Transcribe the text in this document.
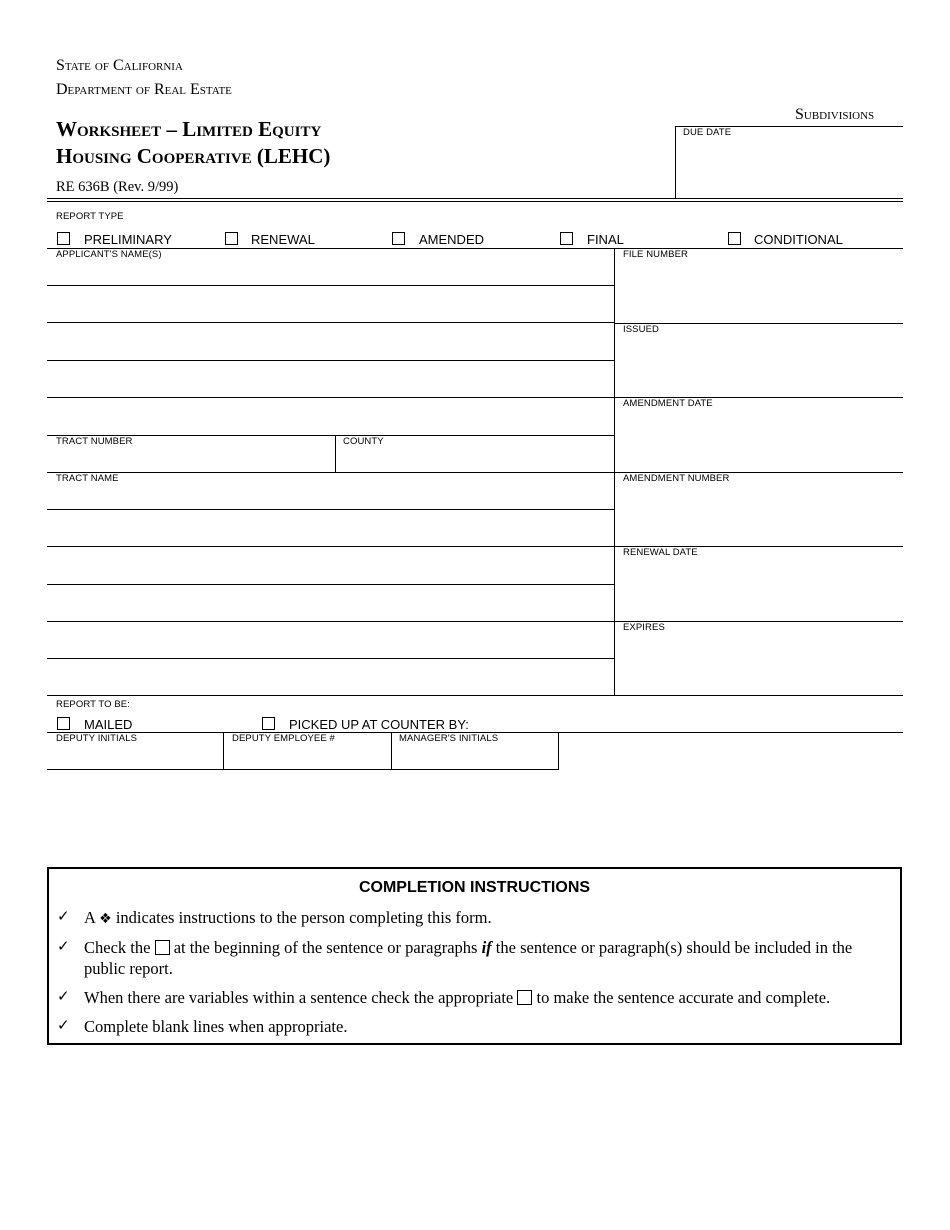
State of California
Department of Real Estate
Worksheet – Limited Equity
Housing Cooperative (LEHC)
RE 636B (Rev. 9/99)
Subdivisions
DUE DATE
REPORT TYPE
PRELIMINARY	RENEWAL	AMENDED	FINAL	CONDITIONAL
APPLICANT'S NAME(S)
TRACT NUMBER	COUNTY
TRACT NAME
FILE NUMBER
ISSUED
AMENDMENT DATE
AMENDMENT NUMBER
RENEWAL DATE
EXPIRES
REPORT TO BE:
MAILED	PICKED UP AT COUNTER BY:
DEPUTY INITIALS	DEPUTY EMPLOYEE #	MANAGER'S INITIALS
COMPLETION INSTRUCTIONS
✓ A ❖ indicates instructions to the person completing this form.
✓ Check the at the beginning of the sentence or paragraphs if the sentence or paragraph(s) should be included in the public report.
✓ When there are variables within a sentence check the appropriate to make the sentence accurate and complete.
✓ Complete blank lines when appropriate.
